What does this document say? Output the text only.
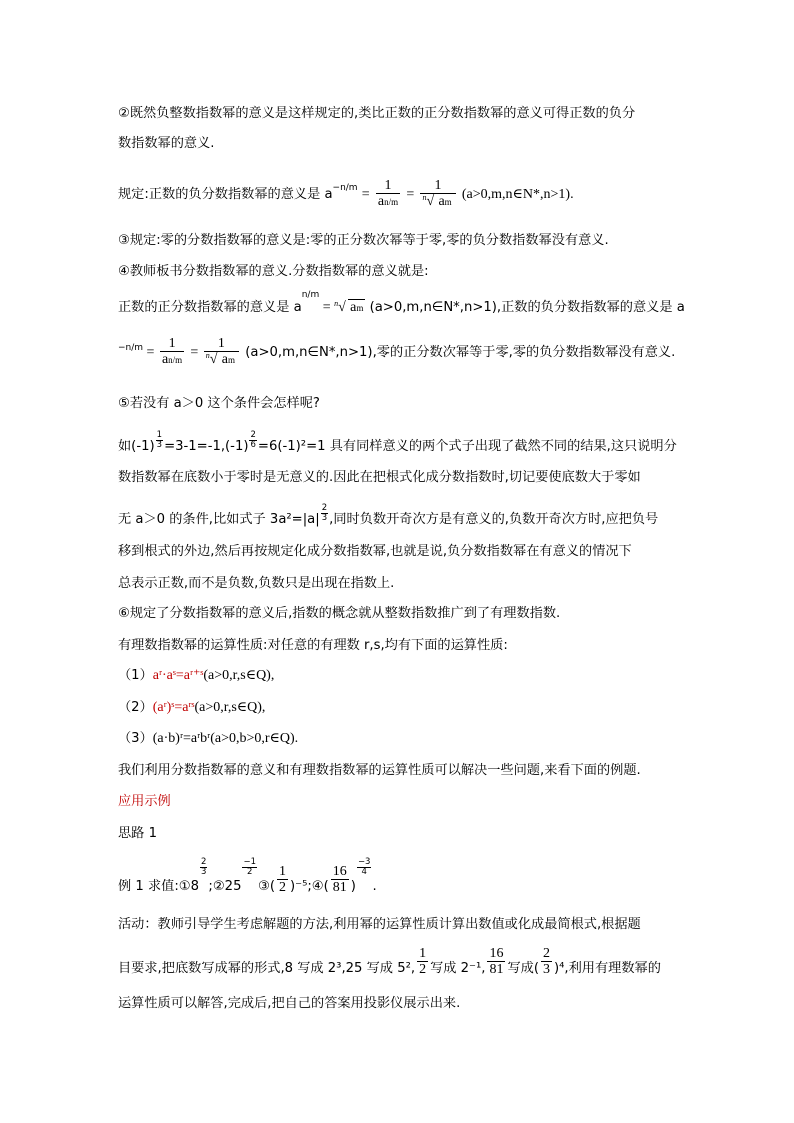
②既然负整数指数幂的意义是这样规定的,类比正数的正分数指数幂的意义可得正数的负分
数指数幂的意义.
规定:正数的负分数指数幂的意义是 $a_{-n/m} = \frac{1}{an/m} = \frac{1}{n √ am}$ (a>0,m,n∈N*,n>1).
③规定:零的分数指数幂的意义是:零的正分数次幂等于零,零的负分数指数幂没有意义.
④教师板书分数指数幂的意义.分数指数幂的意义就是:
正数的正分数指数幂的意义是 $a^{n/m} = n$ √ am (a>0,m,n∈N*,n>1),正数的负分数指数幂的意义是 a
$^{-n/m} = \frac{1}{an/m} = \frac{1}{n √ am}$ (a>0,m,n∈N*,n>1),零的正分数次幂等于零,零的负分数指数幂没有意义.
⑤若没有 a＞0 这个条件会怎样呢?
如$(-1) \frac{1}{3} =3-1=-1,(-1) \frac{2}{6} =6(-1)^2=1$ 具有同样意义的两个式子出现了截然不同的结果,这只说明分
数指数幂在底数小于零时是无意义的.因此在把根式化成分数指数时,切记要使底数大于零如
无 a＞0 的条件,比如式子 $3a^2=|a| \frac{2}{3}$ ,同时负数开奇次方是有意义的,负数开奇次方时,应把负号
移到根式的外边,然后再按规定化成分数指数幂,也就是说,负分数指数幂在有意义的情况下
总表示正数,而不是负数,负数只是出现在指数上.
⑥规定了分数指数幂的意义后,指数的概念就从整数指数推广到了有理数指数.
有理数指数幂的运算性质:对任意的有理数 r,s,均有下面的运算性质:
（1）aʳ·aˢ=aʳ⁺ˢ(a>0,r,s∈Q),
（2）(aʳ)ˢ=aʳˢ(a>0,r,s∈Q),
（3）(a·b)ʳ=aʳbʳ(a>0,b>0,r∈Q).
我们利用分数指数幂的意义和有理数指数幂的运算性质可以解决一些问题,来看下面的例题.
应用示例
思路 1
例 1 求值:①8
$\frac{2}{3}$
;②25
$\frac{-1}{2}$
③( $\frac{1}{2}$ )⁻⁵;④( $\frac{16}{81}$ )
$\frac{-3}{4}$
.
活动：教师引导学生考虑解题的方法,利用幂的运算性质计算出数值或化成最简根式,根据题
目要求,把底数写成幂的形式,8 写成 2³,25 写成 5², $\frac{1}{2}$ 写成 2⁻¹, $\frac{16}{81}$ 写成( $\frac{2}{3} )^4$,利用有理数幂的
运算性质可以解答,完成后,把自己的答案用投影仪展示出来.
